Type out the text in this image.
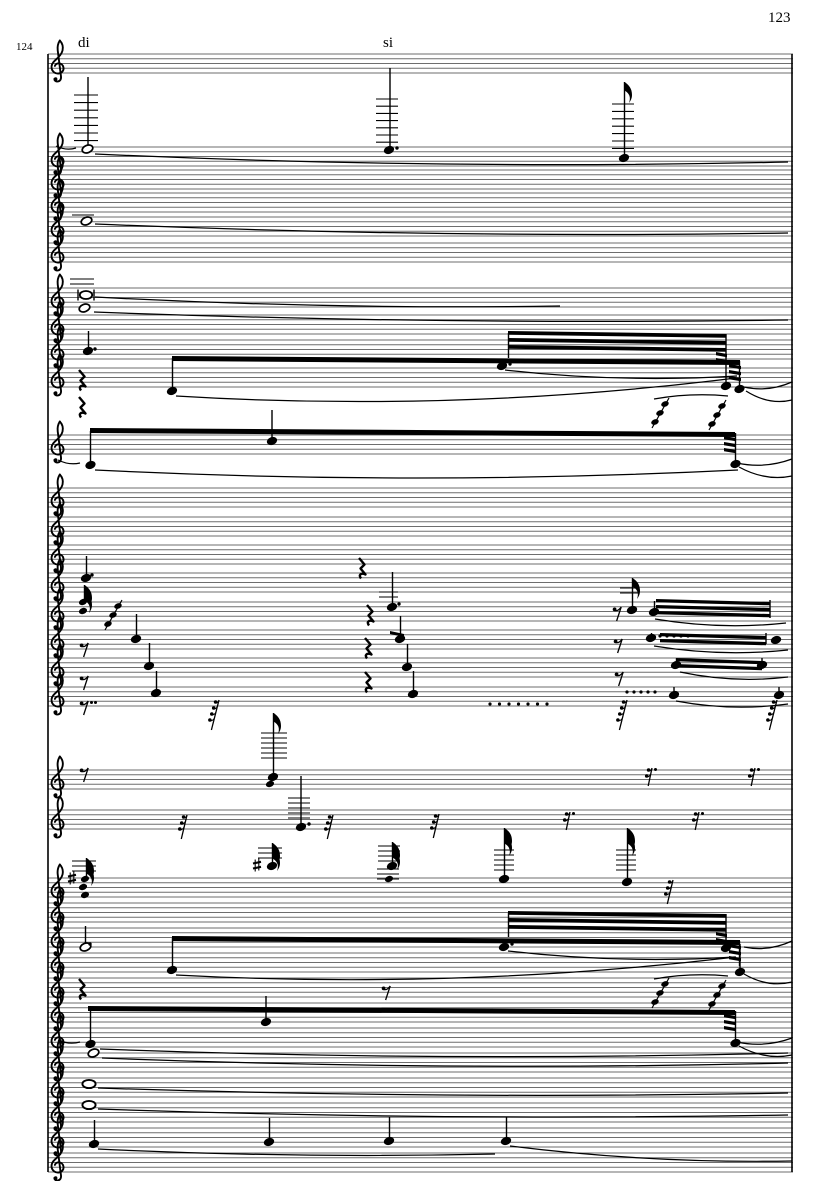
123
124	di	si
